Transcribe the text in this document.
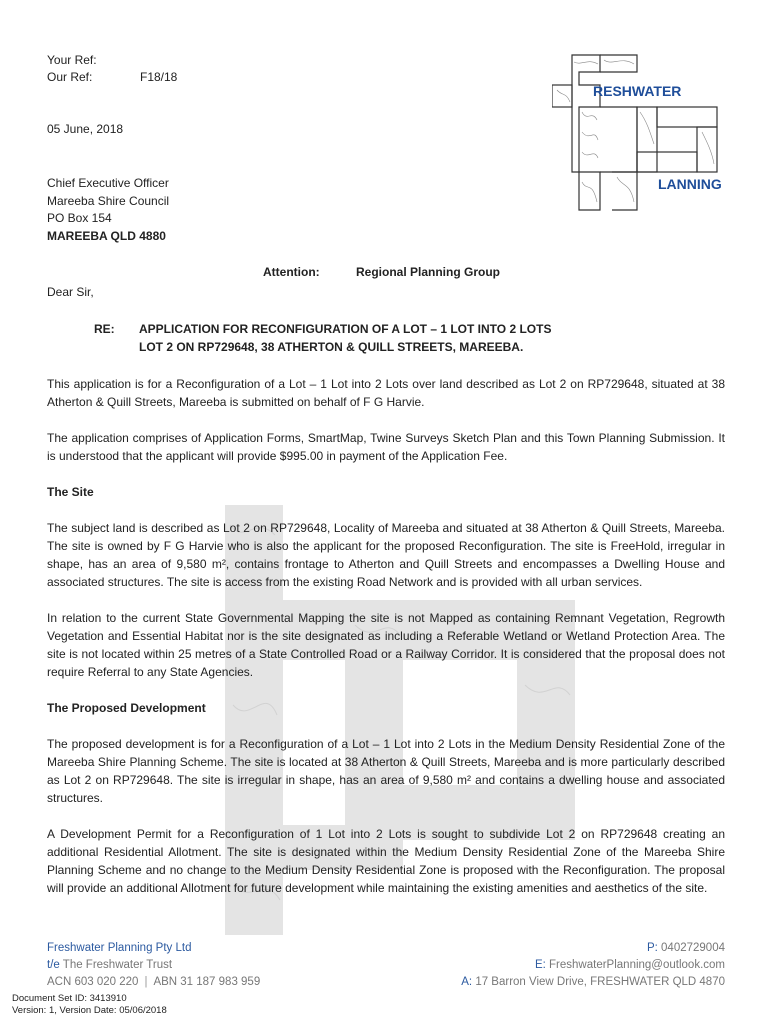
Your Ref:
Our Ref:	F18/18
RESHWATER
LANNING
05 June, 2018
Chief Executive Officer
Mareeba Shire Council
PO Box 154
MAREEBA QLD 4880
Attention:	Regional Planning Group
Dear Sir,
RE:	APPLICATION FOR RECONFIGURATION OF A LOT – 1 LOT INTO 2 LOTS
LOT 2 ON RP729648, 38 ATHERTON & QUILL STREETS, MAREEBA.

This application is for a Reconfiguration of a Lot – 1 Lot into 2 Lots over land described as Lot 2 on RP729648, situated at 38 Atherton & Quill Streets, Mareeba is submitted on behalf of F G Harvie.

The application comprises of Application Forms, SmartMap, Twine Surveys Sketch Plan and this Town Planning Submission. It is understood that the applicant will provide $995.00 in payment of the Application Fee.

The Site

The subject land is described as Lot 2 on RP729648, Locality of Mareeba and situated at 38 Atherton & Quill Streets, Mareeba. The site is owned by F G Harvie who is also the applicant for the proposed Reconfiguration. The site is FreeHold, irregular in shape, has an area of 9,580 m², contains frontage to Atherton and Quill Streets and encompasses a Dwelling House and associated structures. The site is access from the existing Road Network and is provided with all urban services.

In relation to the current State Governmental Mapping the site is not Mapped as containing Remnant Vegetation, Regrowth Vegetation and Essential Habitat nor is the site designated as including a Referable Wetland or Wetland Protection Area. The site is not located within 25 metres of a State Controlled Road or a Railway Corridor. It is considered that the proposal does not require Referral to any State Agencies.

The Proposed Development

The proposed development is for a Reconfiguration of a Lot – 1 Lot into 2 Lots in the Medium Density Residential Zone of the Mareeba Shire Planning Scheme. The site is located at 38 Atherton & Quill Streets, Mareeba and is more particularly described as Lot 2 on RP729648. The site is irregular in shape, has an area of 9,580 m² and contains a dwelling house and associated structures.

A Development Permit for a Reconfiguration of 1 Lot into 2 Lots is sought to subdivide Lot 2 on RP729648 creating an additional Residential Allotment. The site is designated within the Medium Density Residential Zone of the Mareeba Shire Planning Scheme and no change to the Medium Density Residential Zone is proposed with the Reconfiguration. The proposal will provide an additional Allotment for future development while maintaining the existing amenities and aesthetics of the site.

Freshwater Planning Pty Ltd
t/e The Freshwater Trust
ACN 603 020 220 | ABN 31 187 983 959
P: 0402729004
E: FreshwaterPlanning@outlook.com
A: 17 Barron View Drive, FRESHWATER QLD 4870
Document Set ID: 3413910
Version: 1, Version Date: 05/06/2018
